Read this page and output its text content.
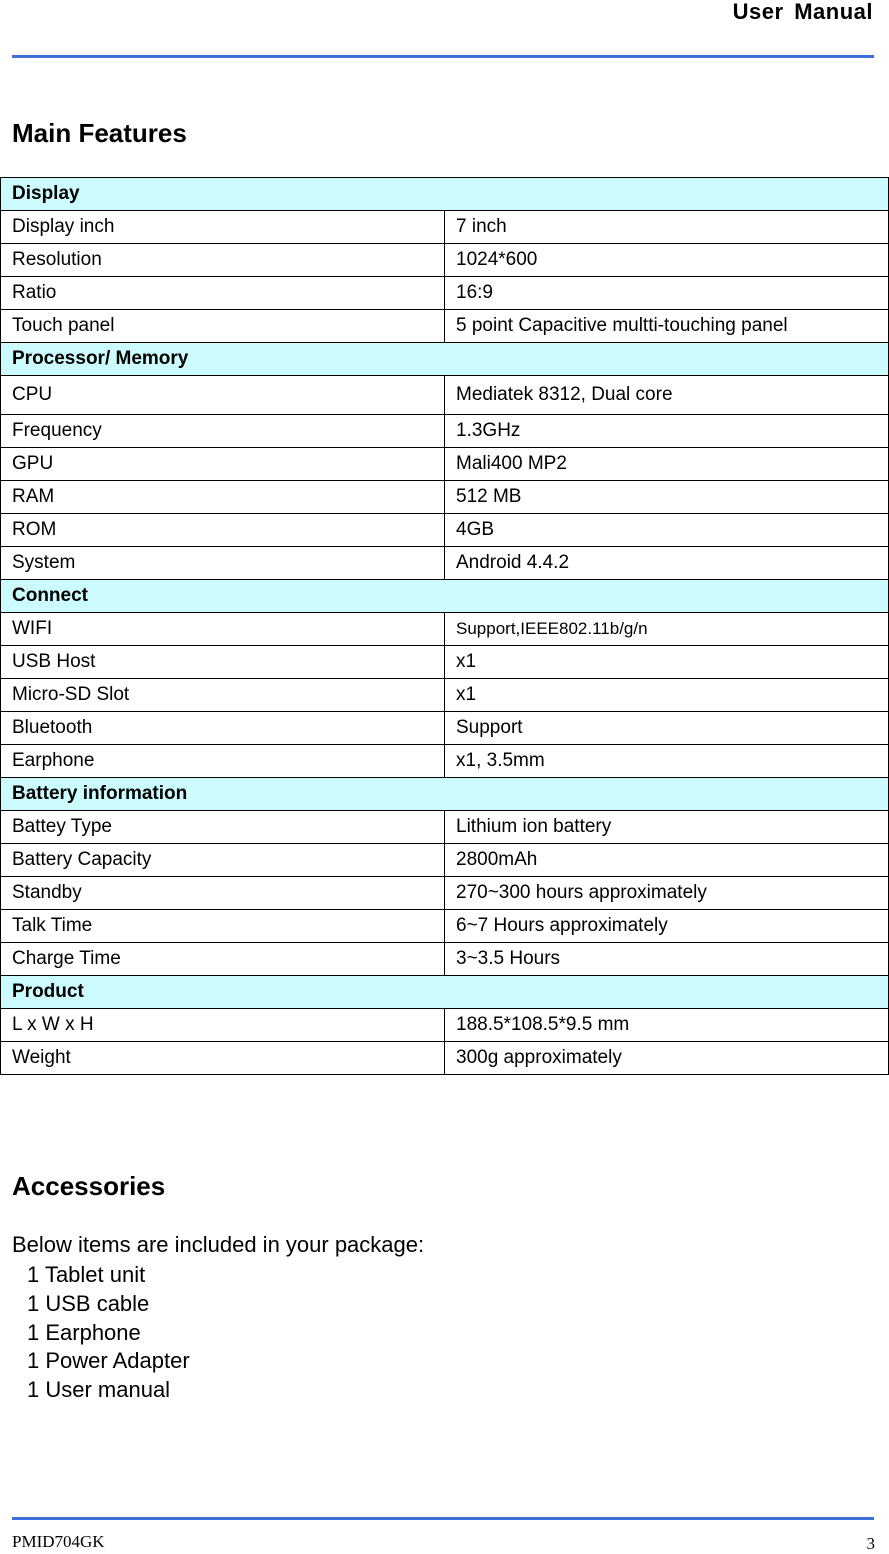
User Manual
Main Features
Display	
Display inch	7 inch
Resolution	1024*600
Ratio	16:9
Touch panel	5 point Capacitive multti-touching panel
Processor/ Memory	
CPU	Mediatek 8312, Dual core
Frequency	1.3GHz
GPU	Mali400 MP2
RAM	512 MB
ROM	4GB
System	Android 4.4.2
Connect	
WIFI	Support,IEEE802.11b/g/n
USB Host	x1
Micro-SD Slot	x1
Bluetooth	Support
Earphone	x1, 3.5mm
Battery information	
Battey Type	Lithium ion battery
Battery Capacity	2800mAh
Standby	270~300 hours approximately
Talk Time	6~7 Hours approximately
Charge Time	3~3.5 Hours
Product	
L x W x H	188.5*108.5*9.5 mm
Weight	300g approximately
Accessories
Below items are included in your package:
1 Tablet unit
1 USB cable
1 Earphone
1 Power Adapter
1 User manual
PMID704GK	3
